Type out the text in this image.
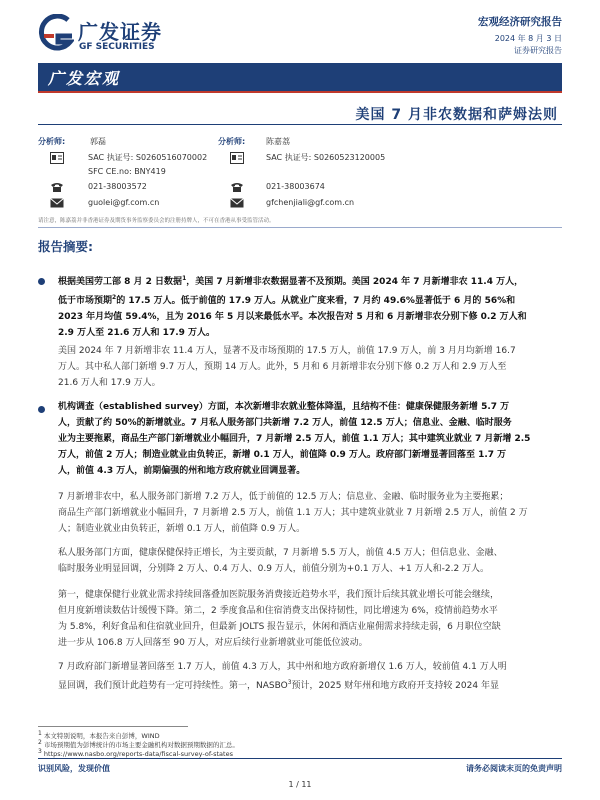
广发证券
GF SECURITIES
宏观经济研究报告
2024 年 8 月 3 日
证券研究报告
广发宏观
美国 7 月非农数据和萨姆法则
分析师:	郭磊
SAC 执证号: S0260516070002
SFC CE.no: BNY419
021-38003572
guolei@gf.com.cn
分析师:	陈嘉荔
SAC 执证号: S0260523120005
021-38003674
gfchenjiali@gf.com.cn
请注意，陈嘉荔并非香港证券及期货事务监察委员会的注册持牌人，不可在香港从事受监管活动。
报告摘要:

根据美国劳工部 8 月 2 日数据$^1$，美国 7 月新增非农数据显著不及预期。美国 2024 年 7 月新增非农 11.4 万人，
低于市场预期$^2$的 17.5 万人。低于前值的 17.9 万人。从就业广度来看，7 月约 49.6%显著低于 6 月的 56%和
2023 年月均值 59.4%，且为 2016 年 5 月以来最低水平。本次报告对 5 月和 6 月新增非农分别下修 0.2 万人和
2.9 万人至 21.6 万人和 17.9 万人。

美国 2024 年 7 月新增非农 11.4 万人，显著不及市场预期的 17.5 万人，前值 17.9 万人，前 3 月月均新增 16.7
万人。其中私人部门新增 9.7 万人，预期 14 万人。此外，5 月和 6 月新增非农分别下修 0.2 万人和 2.9 万人至
21.6 万人和 17.9 万人。

机构调查（established survey）方面，本次新增非农就业整体降温，且结构不佳：健康保健服务新增 5.7 万
人，贡献了约 50%的新增就业。7 月私人服务部门共新增 7.2 万人，前值 12.5 万人；信息业、金融、临时服务
业为主要拖累，商品生产部门新增就业小幅回升，7 月新增 2.5 万人，前值 1.1 万人；其中建筑业就业 7 月新增 2.5
万人，前值 2 万人；制造业就业由负转正，新增 0.1 万人，前值降 0.9 万人。政府部门新增显著回落至 1.7 万
人，前值 4.3 万人，前期偏强的州和地方政府就业回调显著。

7 月新增非农中，私人服务部门新增 7.2 万人，低于前值的 12.5 万人；信息业、金融、临时服务业为主要拖累；
商品生产部门新增就业小幅回升，7 月新增 2.5 万人，前值 1.1 万人；其中建筑业就业 7 月新增 2.5 万人，前值 2 万
人；制造业就业由负转正，新增 0.1 万人，前值降 0.9 万人。

私人服务部门方面，健康保健保持正增长，为主要贡献，7 月新增 5.5 万人，前值 4.5 万人；但信息业、金融、
临时服务业明显回调，分别降 2 万人、0.4 万人、0.9 万人，前值分别为+0.1 万人、+1 万人和-2.2 万人。

第一，健康保健行业就业需求持续回落叠加医院服务消费接近趋势水平，我们预计后续其就业增长可能会继续，
但月度新增读数估计缓慢下降。第二，2 季度食品和住宿消费支出保持韧性，同比增速为 6%，疫情前趋势水平
为 5.8%，利好食品和住宿就业回升，但最新 JOLTS 报告显示，休闲和酒店业雇佣需求持续走弱，6 月职位空缺
进一步从 106.8 万人回落至 90 万人，对应后续行业新增就业可能低位波动。

7 月政府部门新增显著回落至 1.7 万人，前值 4.3 万人，其中州和地方政府新增仅 1.6 万人，较前值 4.1 万人明
显回调，我们预计此趋势有一定可持续性。第一，NASBO$^3$预计，2025 财年州和地方政府开支持较 2024 年显

$^1$ 本文特别说明，本报告来自彭博，WIND
$^2$ 市场预期值为彭博统计的市场主要金融机构对数据预期数据的汇总。
$^3$ https://www.nasbo.org/reports-data/fiscal-survey-of-states
识别风险，发现价值	请务必阅读末页的免责声明
1 / 11
